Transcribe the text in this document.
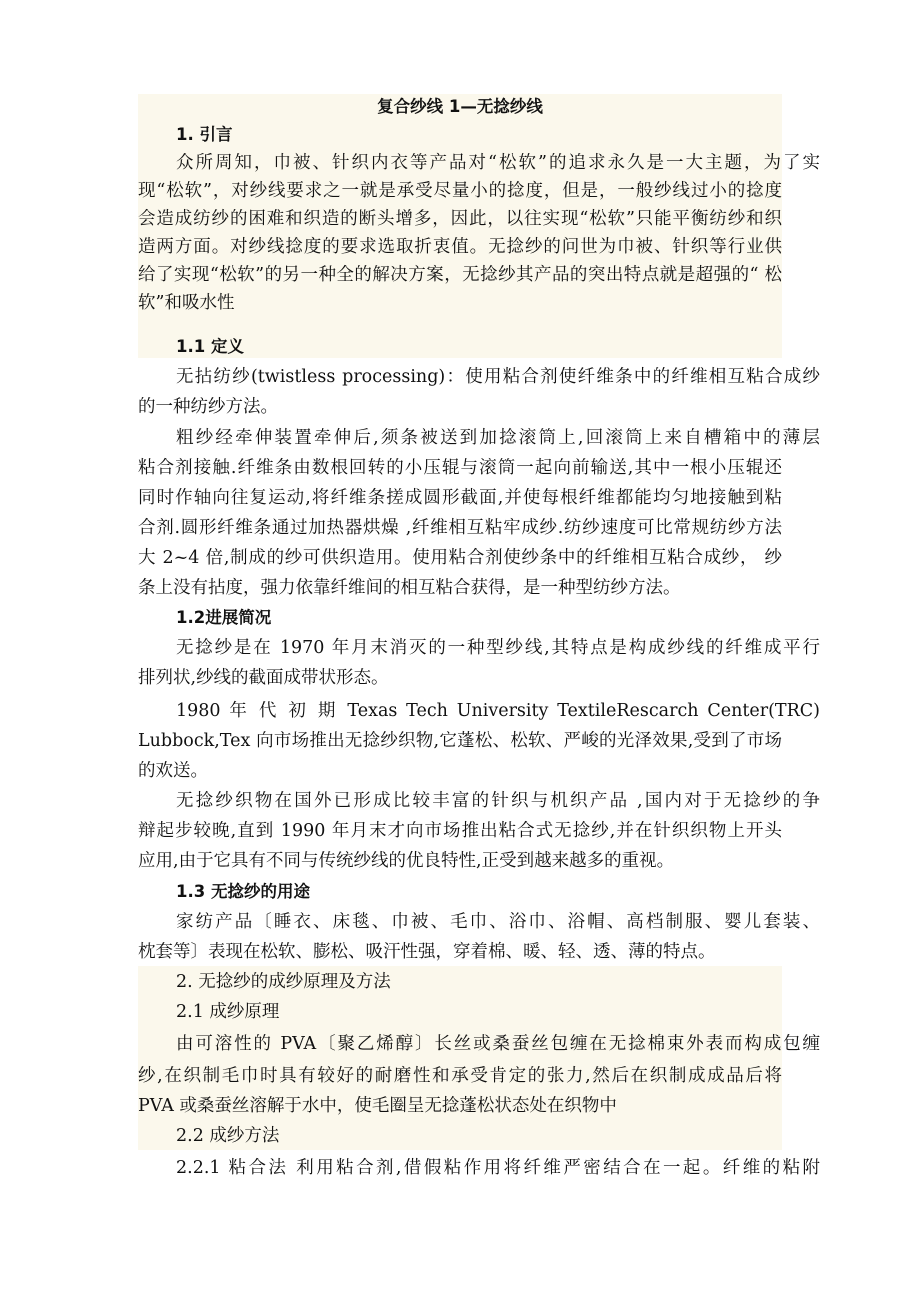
复合纱线 1—无捻纱线
1. 引言
众所周知，巾被、针织内衣等产品对“松软”的追求永久是一大主题，为了实
现“松软”，对纱线要求之一就是承受尽量小的捻度，但是，一般纱线过小的捻度
会造成纺纱的困难和织造的断头增多，因此，以往实现“松软”只能平衡纺纱和织
造两方面。对纱线捻度的要求选取折衷值。无捻纱的问世为巾被、针织等行业供
给了实现“松软”的另一种全的解决方案，无捻纱其产品的突出特点就是超强的“ 松
软”和吸水性
1.1 定义
无拈纺纱(twistless processing)：使用粘合剂使纤维条中的纤维相互粘合成纱
的一种纺纱方法。
粗纱经牵伸装置牵伸后,须条被送到加捻滚筒上,回滚筒上来自槽箱中的薄层
粘合剂接触.纤维条由数根回转的小压辊与滚筒一起向前输送,其中一根小压辊还
同时作轴向往复运动,将纤维条搓成圆形截面,并使每根纤维都能均匀地接触到粘
合剂.圆形纤维条通过加热器烘燥 ,纤维相互粘牢成纱.纺纱速度可比常规纺纱方法
大 2~4 倍,制成的纱可供织造用。使用粘合剂使纱条中的纤维相互粘合成纱， 纱
条上没有拈度，强力依靠纤维间的相互粘合获得，是一种型纺纱方法。
1.2进展简况
无捻纱是在 1970 年月末消灭的一种型纱线,其特点是构成纱线的纤维成平行
排列状,纱线的截面成带状形态。
1980 年 代 初 期 Texas Tech University TextileRescarch Center(TRC)
Lubbock,Tex 向市场推出无捻纱织物,它蓬松、松软、严峻的光泽效果,受到了市场
的欢送。
无捻纱织物在国外已形成比较丰富的针织与机织产品 ,国内对于无捻纱的争
辩起步较晚,直到 1990 年月末才向市场推出粘合式无捻纱,并在针织织物上开头
应用,由于它具有不同与传统纱线的优良特性,正受到越来越多的重视。
1.3 无捻纱的用途
家纺产品〔睡衣、床毯、巾被、毛巾、浴巾、浴帽、高档制服、婴儿套装、
枕套等〕表现在松软、膨松、吸汗性强，穿着棉、暖、轻、透、薄的特点。
2. 无捻纱的成纱原理及方法
2.1 成纱原理
由可溶性的 PVA〔聚乙烯醇〕长丝或桑蚕丝包缠在无捻棉束外表而构成包缠
纱,在织制毛巾时具有较好的耐磨性和承受肯定的张力,然后在织制成成品后将
PVA 或桑蚕丝溶解于水中，使毛圈呈无捻蓬松状态处在织物中
2.2 成纱方法
2.2.1 粘合法 利用粘合剂,借假粘作用将纤维严密结合在一起。纤维的粘附
